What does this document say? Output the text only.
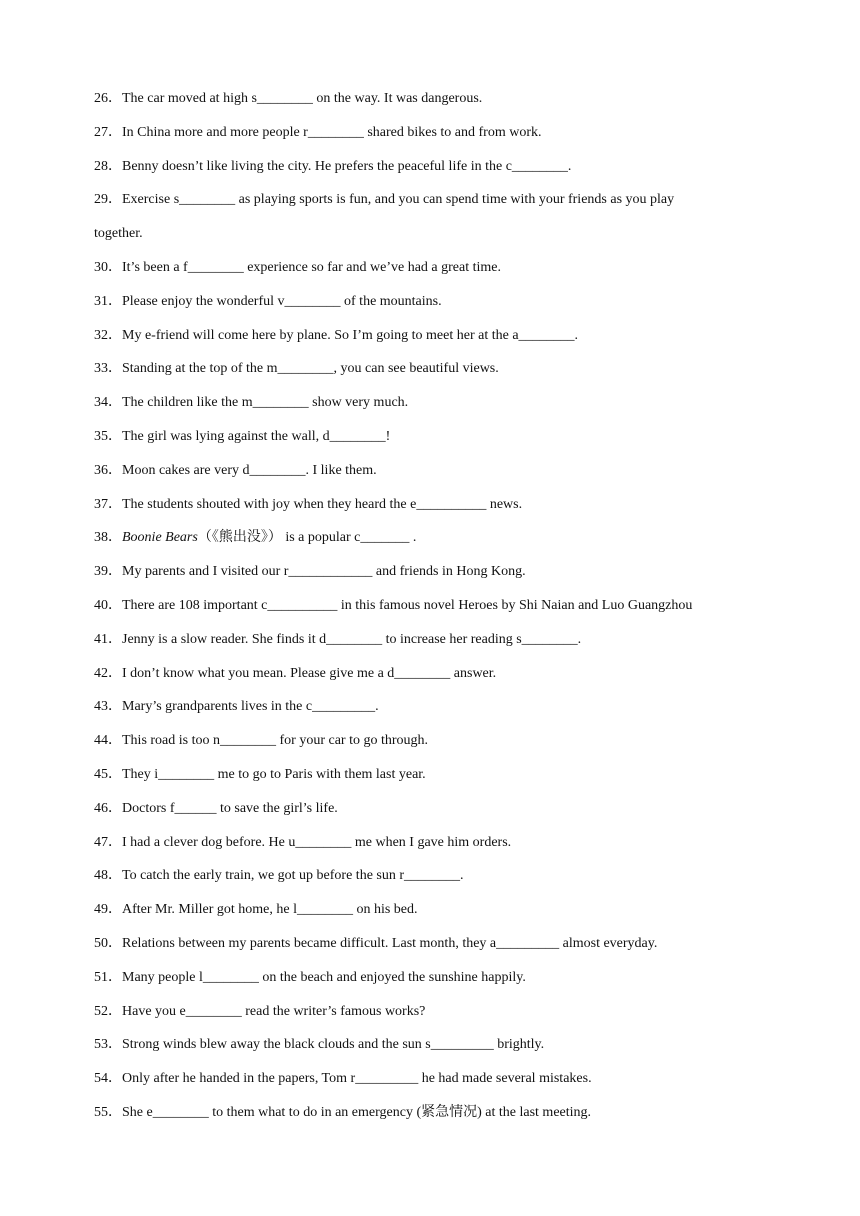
26．The car moved at high s________ on the way. It was dangerous.
27．In China more and more people r________ shared bikes to and from work.
28．Benny doesn’t like living the city. He prefers the peaceful life in the c________.
29．Exercise s________ as playing sports is fun, and you can spend time with your friends as you play
together.
30．It’s been a f________ experience so far and we’ve had a great time.
31．Please enjoy the wonderful v________ of the mountains.
32．My e-friend will come here by plane. So I’m going to meet her at the a________.
33．Standing at the top of the m________, you can see beautiful views.
34．The children like the m________ show very much.
35．The girl was lying against the wall, d________!
36．Moon cakes are very d________. I like them.
37．The students shouted with joy when they heard the e__________ news.
38．Boonie Bears（《熊出没》） is a popular c_______ .
39．My parents and I visited our r____________ and friends in Hong Kong.
40．There are 108 important c__________ in this famous novel Heroes by Shi Naian and Luo Guangzhou
41．Jenny is a slow reader. She finds it d________ to increase her reading s________.
42．I don’t know what you mean. Please give me a d________ answer.
43．Mary’s grandparents lives in the c_________.
44．This road is too n________ for your car to go through.
45．They i________ me to go to Paris with them last year.
46．Doctors f______ to save the girl’s life.
47．I had a clever dog before. He u________ me when I gave him orders.
48．To catch the early train, we got up before the sun r________.
49．After Mr. Miller got home, he l________ on his bed.
50．Relations between my parents became difficult. Last month, they a_________ almost everyday.
51．Many people l________ on the beach and enjoyed the sunshine happily.
52．Have you e________ read the writer’s famous works?
53．Strong winds blew away the black clouds and the sun s_________ brightly.
54．Only after he handed in the papers, Tom r_________ he had made several mistakes.
55．She e________ to them what to do in an emergency (紧急情况) at the last meeting.
